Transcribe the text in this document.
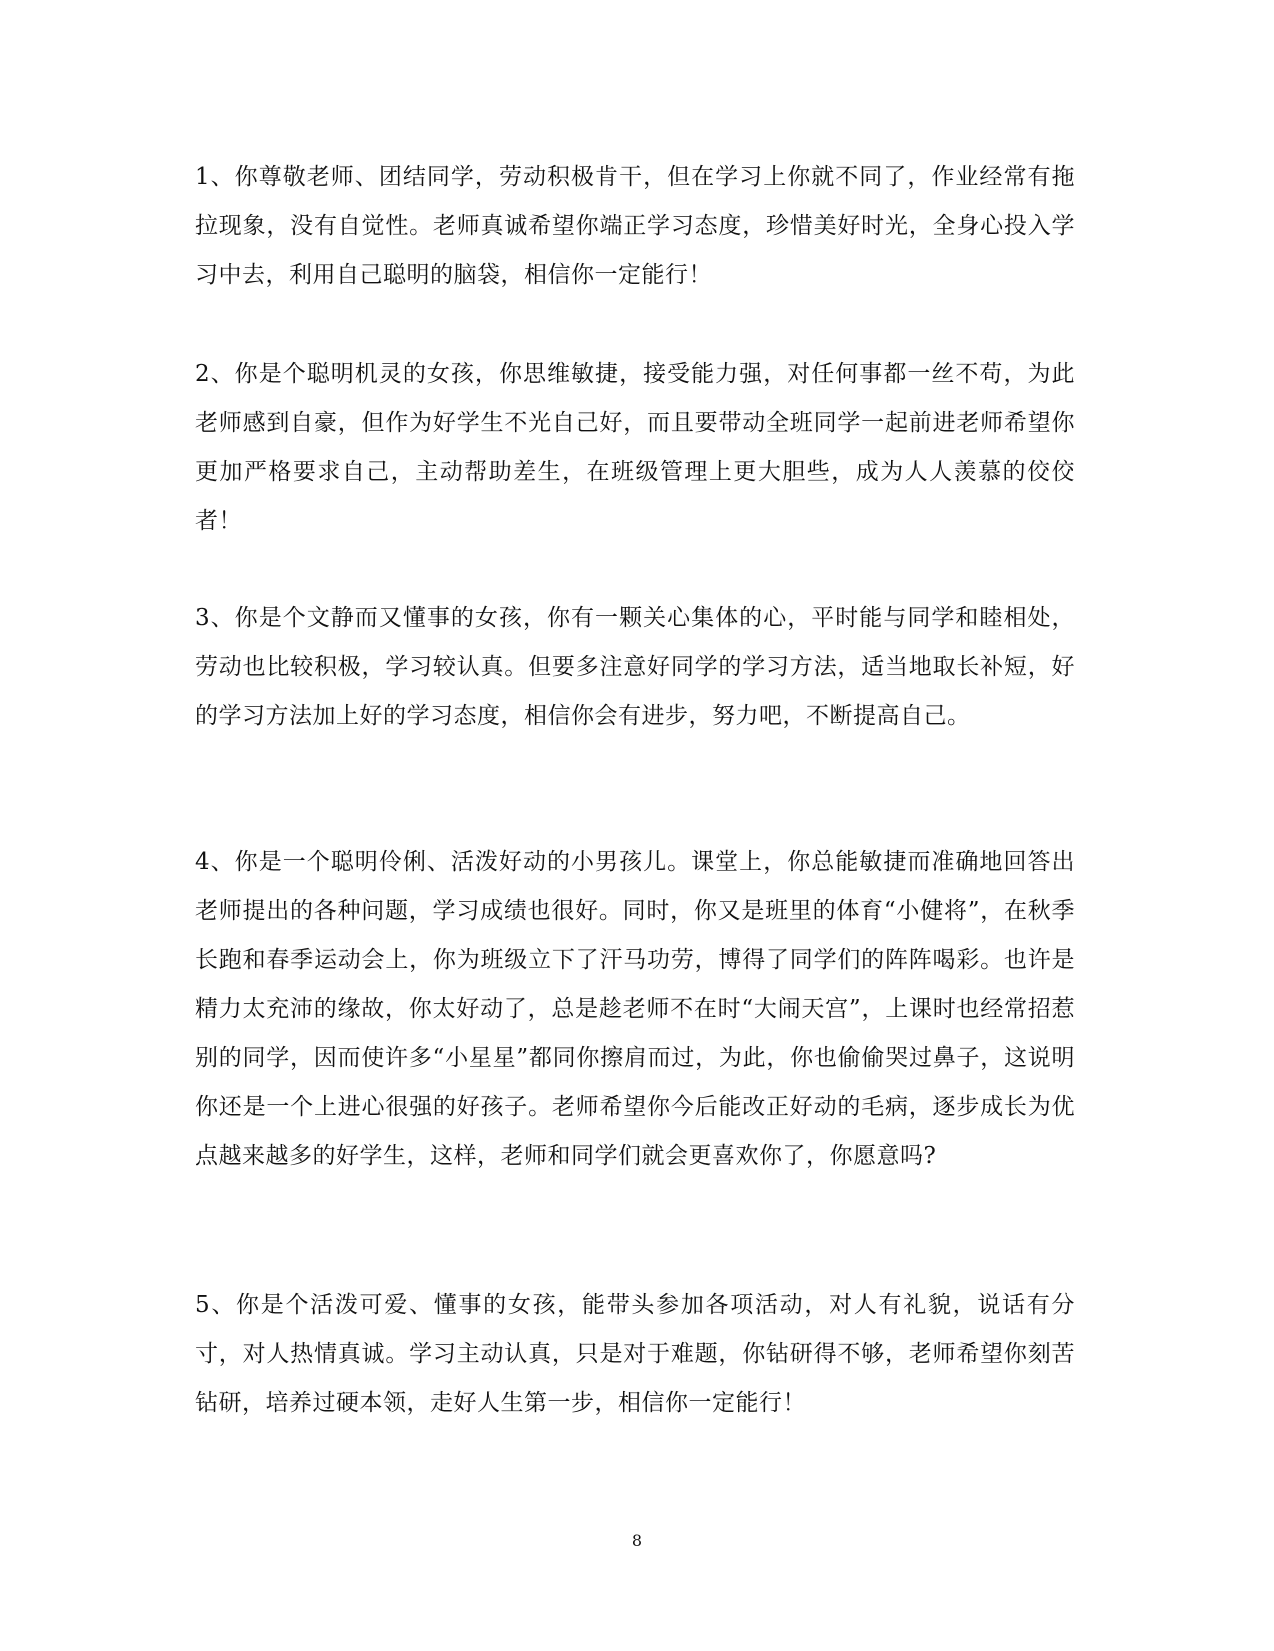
1、你尊敬老师、团结同学，劳动积极肯干，但在学习上你就不同了，作业经常有拖拉现象，没有自觉性。老师真诚希望你端正学习态度，珍惜美好时光，全身心投入学习中去，利用自己聪明的脑袋，相信你一定能行！

2、你是个聪明机灵的女孩，你思维敏捷，接受能力强，对任何事都一丝不苟，为此老师感到自豪，但作为好学生不光自己好，而且要带动全班同学一起前进老师希望你更加严格要求自己，主动帮助差生，在班级管理上更大胆些，成为人人羡慕的佼佼者！

3、你是个文静而又懂事的女孩，你有一颗关心集体的心，平时能与同学和睦相处，劳动也比较积极，学习较认真。但要多注意好同学的学习方法，适当地取长补短，好的学习方法加上好的学习态度，相信你会有进步，努力吧，不断提高自己。

4、你是一个聪明伶俐、活泼好动的小男孩儿。课堂上，你总能敏捷而准确地回答出老师提出的各种问题，学习成绩也很好。同时，你又是班里的体育“小健将”，在秋季长跑和春季运动会上，你为班级立下了汗马功劳，博得了同学们的阵阵喝彩。也许是精力太充沛的缘故，你太好动了，总是趁老师不在时“大闹天宫”，上课时也经常招惹别的同学，因而使许多“小星星”都同你擦肩而过，为此，你也偷偷哭过鼻子，这说明你还是一个上进心很强的好孩子。老师希望你今后能改正好动的毛病，逐步成长为优点越来越多的好学生，这样，老师和同学们就会更喜欢你了，你愿意吗?

5、你是个活泼可爱、懂事的女孩，能带头参加各项活动，对人有礼貌，说话有分寸，对人热情真诚。学习主动认真，只是对于难题，你钻研得不够，老师希望你刻苦钻研，培养过硬本领，走好人生第一步，相信你一定能行！

8
